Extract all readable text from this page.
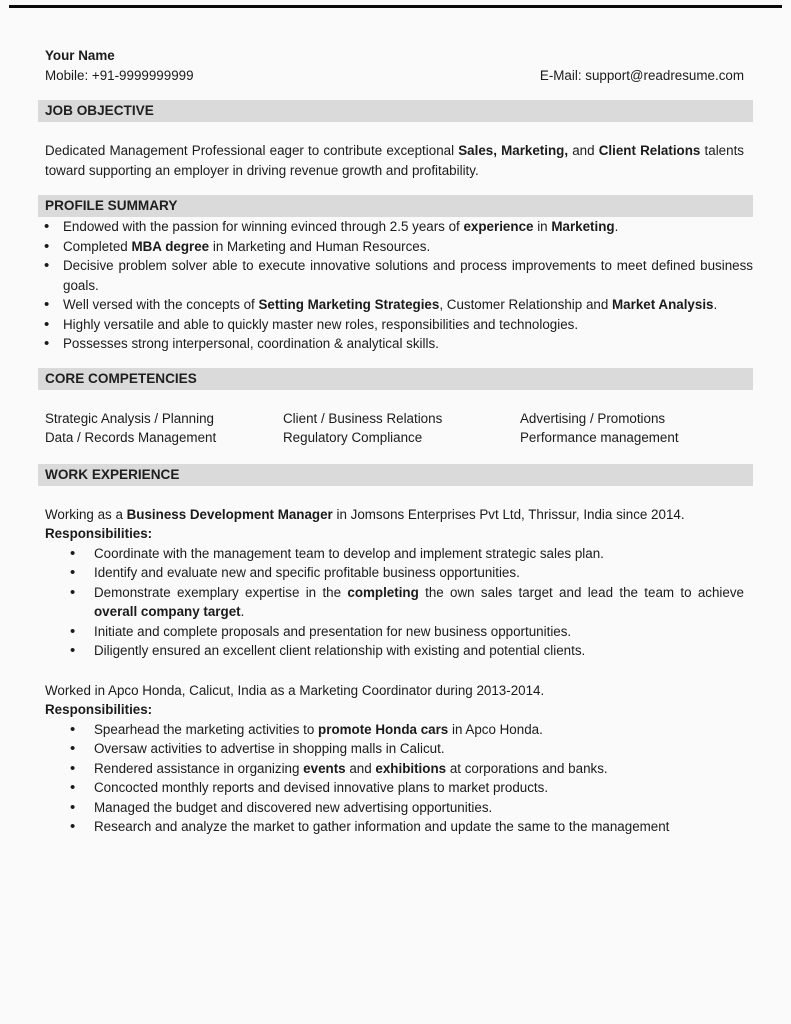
Your Name
Mobile: +91-9999999999	E-Mail: support@readresume.com
JOB OBJECTIVE
Dedicated Management Professional eager to contribute exceptional Sales, Marketing, and Client Relations talents toward supporting an employer in driving revenue growth and profitability.
PROFILE SUMMARY
• Endowed with the passion for winning evinced through 2.5 years of experience in Marketing.
• Completed MBA degree in Marketing and Human Resources.
• Decisive problem solver able to execute innovative solutions and process improvements to meet defined business goals.
• Well versed with the concepts of Setting Marketing Strategies, Customer Relationship and Market Analysis.
• Highly versatile and able to quickly master new roles, responsibilities and technologies.
• Possesses strong interpersonal, coordination & analytical skills.
CORE COMPETENCIES
Strategic Analysis / Planning	Client / Business Relations	Advertising / Promotions
Data / Records Management	Regulatory Compliance	Performance management
WORK EXPERIENCE
Working as a Business Development Manager in Jomsons Enterprises Pvt Ltd, Thrissur, India since 2014.
Responsibilities:
• Coordinate with the management team to develop and implement strategic sales plan.
• Identify and evaluate new and specific profitable business opportunities.
• Demonstrate exemplary expertise in the completing the own sales target and lead the team to achieve overall company target.
• Initiate and complete proposals and presentation for new business opportunities.
• Diligently ensured an excellent client relationship with existing and potential clients.
Worked in Apco Honda, Calicut, India as a Marketing Coordinator during 2013-2014.
Responsibilities:
• Spearhead the marketing activities to promote Honda cars in Apco Honda.
• Oversaw activities to advertise in shopping malls in Calicut.
• Rendered assistance in organizing events and exhibitions at corporations and banks.
• Concocted monthly reports and devised innovative plans to market products.
• Managed the budget and discovered new advertising opportunities.
• Research and analyze the market to gather information and update the same to the management
